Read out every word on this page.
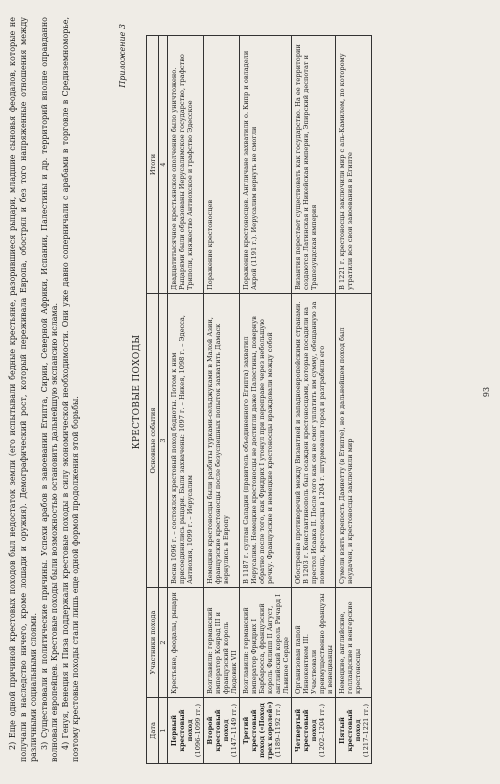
2) Еще одной причиной крестовых походов был недостаток земли (его испытывали бедные крестьяне, разорившиеся рыцари, младшие сыновья феодалов, которые не получали в наследство ничего, кроме лошади и оружия). Демографический рост, который переживала Европа, обострял и без того напряженные отношения между различными социальными слоями. 3) Существовали и политические причины. Успехи арабов в завоевании Египта, Сирии, Северной Африки, Испании, Палестины и др. территорий вполне оправданно волновали европейцев. Крестовые походы были возможностью остановить дальнейшую экспансию ислама. 4) Генуя, Венеция и Пиза поддержали крестовые походы в силу экономической необходимости. Они уже давно соперничали с арабами в торговле в Средиземноморье, поэтому крестовые походы стали лишь еще одной формой продолжения этой борьбы.

Приложение 3
КРЕСТОВЫЕ ПОХОДЫ
Дата	Участники похода	Основные события	Итоги
1	2	3	4

Первый крестовый поход (1096–1099 гг.)	Крестьяне, феодалы, рыцари	Весна 1096 г. – состоялся крестовый поход бедноты. Потом к ним присоединились рыцари. Были захвачены: 1097 г. – Никея, 1098 г. – Эдесса, Антиохия, 1099 г. – Иерусалим	Двадцатитысячное крестьянское ополчение было уничтожено. Рыцарями были образованы Иерусалимское государство, графство Триполи, княжество Антиохское и графство Эдесское

Второй крестовый поход (1147–1149 гг.)	Возглавили: германский император Конрад III и французский король Людовик VII	Немецкие крестоносцы были разбиты турками-сельджуками в Малой Азии, французские крестоносцы после безуспешных попыток захватить Дамаск вернулись в Европу	Поражение крестоносцев

Третий крестовый поход («Поход трех королей») (1189–1192 гг.)	Возглавили: германский император Фридрих I Барбаросса, французский король Филипп II Август, английский король Ричард I Львиное Сердце	В 1187 г. султан Саладин (правитель объединенного Египта) захватил Иерусалим. Немецкие крестоносцы не достигли даже Палестины, повернув обратно после того, как Фридрих I утонул при переправе через небольшую речку. Французские и немецкие крестоносцы враждовали между собой	Поражение крестоносцев. Англичане захватили о. Кипр и овладели Акрой (1191 г.). Иерусалим вернуть не смогли

Четвертый крестовый поход (1202–1204 гг.)	Организован папой Иннокентием III. Участвовали преимущественно французы и венецианцы	Обострение противоречий между Византией и западноевропейскими странами. В 1203 г. Константинополь был осажден крестоносцами, которые посадили на престол Исаака II. После того как он не смог уплатить им сумму, обещанную за помощь, крестоносцы в 1204 г. штурмовали город и разграбили его	Византия перестает существовать как государство. На ее территории создаются Латинская и Никейская империи, Эпирский деспотат и Трапезундская империя

Пятый крестовый поход (1217–1221 гг.)	Немецкие, английские, голландские и венгерские крестоносцы	Сумели взять крепость Дамиетту (в Египте), но в дальнейшем поход был неудачен, и крестоносцы заключили мир	В 1221 г. крестоносцы заключили мир с аль-Камилем, по которому утратили все свои завоевания в Египте
93
